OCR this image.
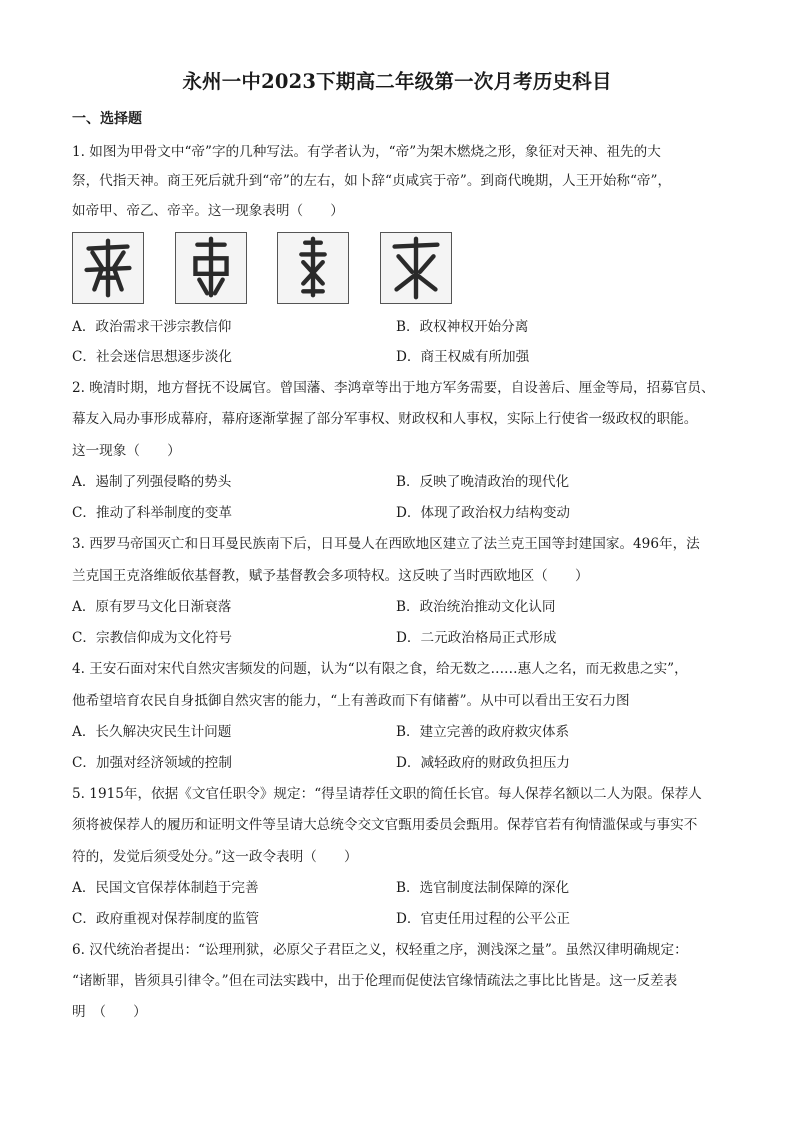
永州一中2023下期高二年级第一次月考历史科目
一、选择题
1. 如图为甲骨文中“帝”字的几种写法。有学者认为，“帝”为架木燃烧之形，象征对天神、祖先的大
祭，代指天神。商王死后就升到“帝”的左右，如卜辞“贞咸宾于帝”。到商代晚期，人王开始称“帝”，
如帝甲、帝乙、帝辛。这一现象表明（　　）
A．政治需求干涉宗教信仰	B．政权神权开始分离
C．社会迷信思想逐步淡化	D．商王权威有所加强
2. 晚清时期，地方督抚不设属官。曾国藩、李鸿章等出于地方军务需要，自设善后、厘金等局，招募官员、
幕友入局办事形成幕府，幕府逐渐掌握了部分军事权、财政权和人事权，实际上行使省一级政权的职能。
这一现象（　　）
A．遏制了列强侵略的势头	B．反映了晚清政治的现代化
C．推动了科举制度的变革	D．体现了政治权力结构变动
3. 西罗马帝国灭亡和日耳曼民族南下后，日耳曼人在西欧地区建立了法兰克王国等封建国家。496年，法
兰克国王克洛维皈依基督教，赋予基督教会多项特权。这反映了当时西欧地区（　　）
A．原有罗马文化日渐衰落	B．政治统治推动文化认同
C．宗教信仰成为文化符号	D．二元政治格局正式形成
4. 王安石面对宋代自然灾害频发的问题，认为“以有限之食，给无数之……惠人之名，而无救患之实”，
他希望培育农民自身抵御自然灾害的能力，“上有善政而下有储蓄”。从中可以看出王安石力图
A．长久解决灾民生计问题	B．建立完善的政府救灾体系
C．加强对经济领域的控制	D．减轻政府的财政负担压力
5. 1915年，依据《文官任职令》规定：“得呈请荐任文职的简任长官。每人保荐名额以二人为限。保荐人
须将被保荐人的履历和证明文件等呈请大总统令交文官甄用委员会甄用。保荐官若有徇情滥保或与事实不
符的，发觉后须受处分。”这一政令表明（　　）
A．民国文官保荐体制趋于完善	B．选官制度法制保障的深化
C．政府重视对保荐制度的监管	D．官吏任用过程的公平公正
6. 汉代统治者提出：“讼理刑狱，必原父子君臣之义，权轻重之序，测浅深之量”。虽然汉律明确规定：
“诸断罪，皆须具引律令。”但在司法实践中，出于伦理而促使法官缘情疏法之事比比皆是。这一反差表
明　（　　）
